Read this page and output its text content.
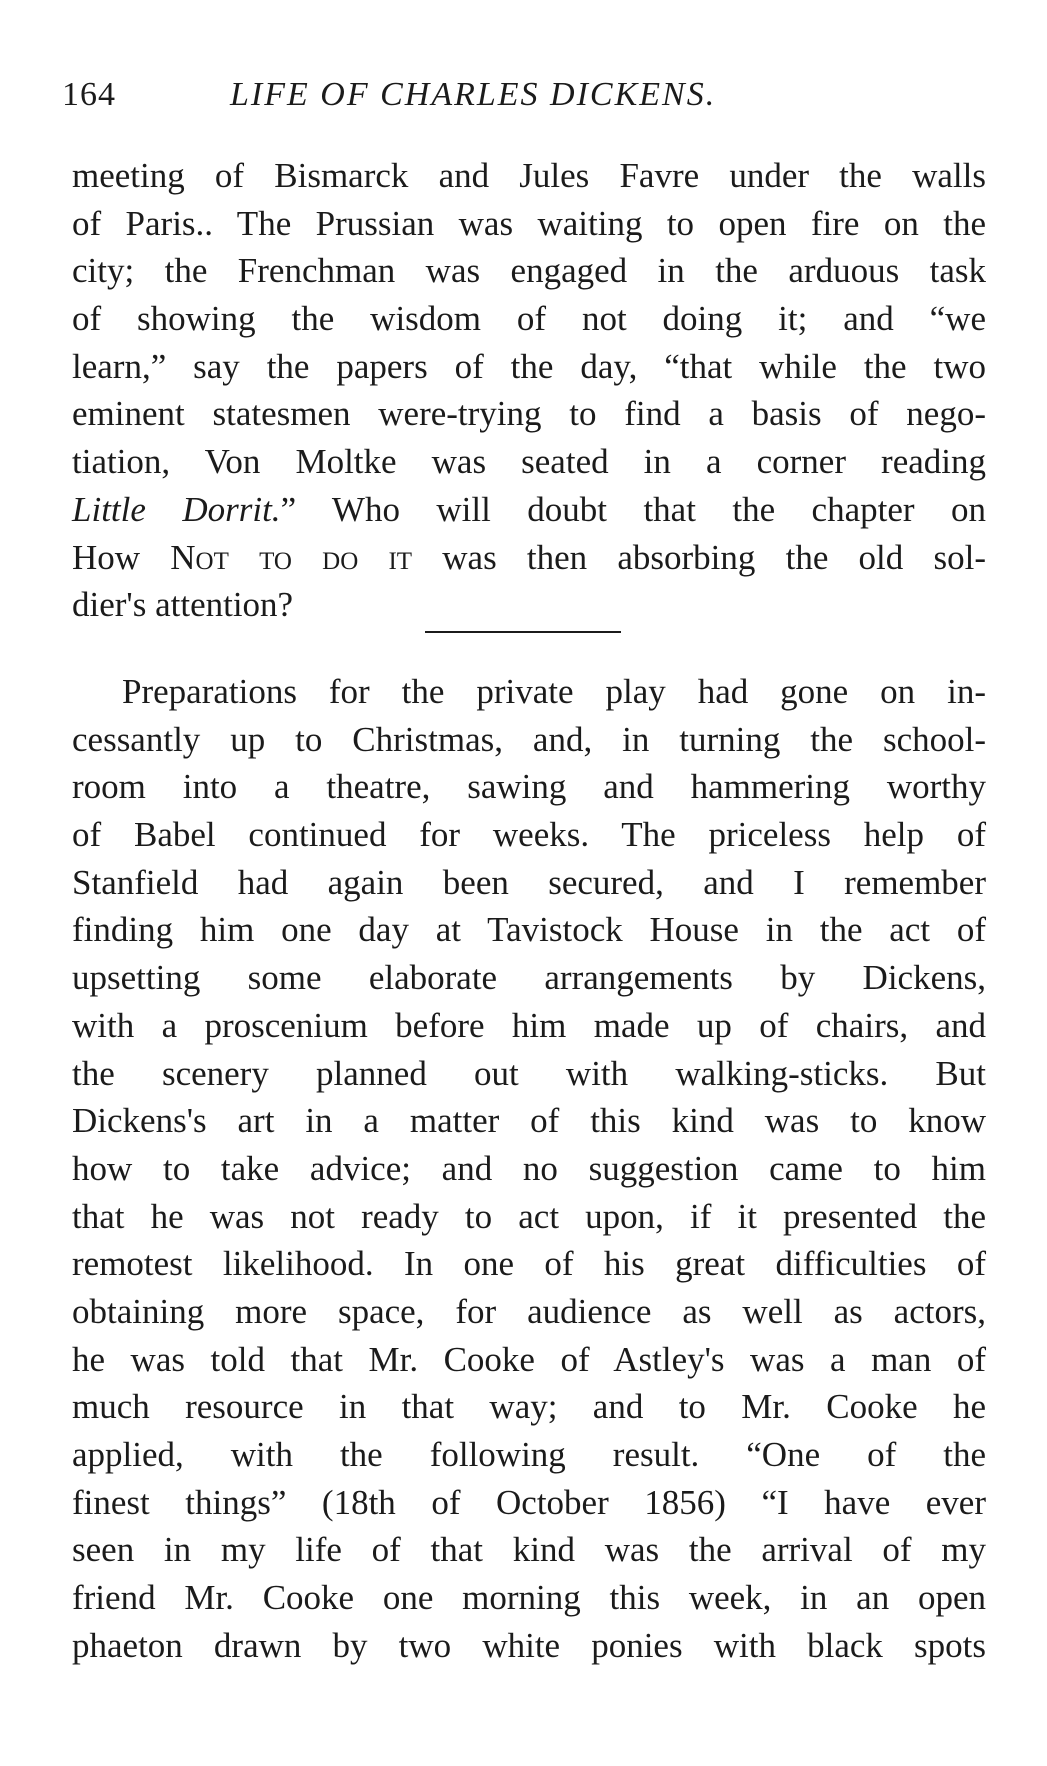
164	LIFE OF CHARLES DICKENS.
meeting of Bismarck and Jules Favre under the walls
of Paris.. The Prussian was waiting to open fire on the
city; the Frenchman was engaged in the arduous task
of showing the wisdom of not doing it; and “we
learn,” say the papers of the day, “that while the two
eminent statesmen were-trying to find a basis of nego-
tiation, Von Moltke was seated in a corner reading
Little Dorrit.” Who will doubt that the chapter on
How Not to do it was then absorbing the old sol-
dier's attention?
Preparations for the private play had gone on in-
cessantly up to Christmas, and, in turning the school-
room into a theatre, sawing and hammering worthy
of Babel continued for weeks. The priceless help of
Stanfield had again been secured, and I remember
finding him one day at Tavistock House in the act of
upsetting some elaborate arrangements by Dickens,
with a proscenium before him made up of chairs, and
the scenery planned out with walking-sticks. But
Dickens's art in a matter of this kind was to know
how to take advice; and no suggestion came to him
that he was not ready to act upon, if it presented the
remotest likelihood. In one of his great difficulties of
obtaining more space, for audience as well as actors,
he was told that Mr. Cooke of Astley's was a man of
much resource in that way; and to Mr. Cooke he
applied, with the following result. “One of the
finest things” (18th of October 1856) “I have ever
seen in my life of that kind was the arrival of my
friend Mr. Cooke one morning this week, in an open
phaeton drawn by two white ponies with black spots
